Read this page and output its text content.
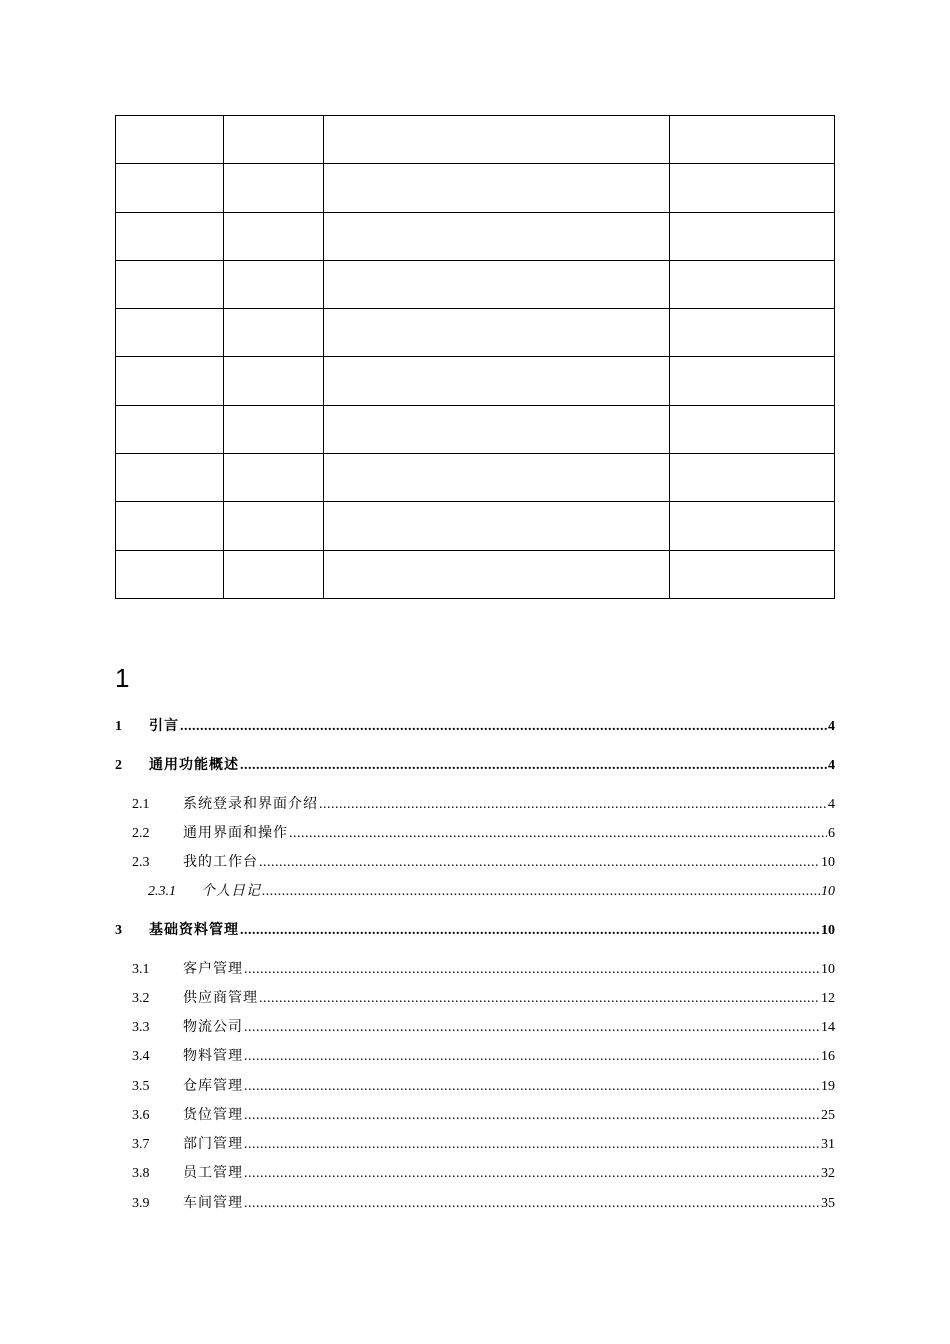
1
1	引言 .....	4
2	通用功能概述 .....	4
2.1	系统登录和界面介绍 .....	4
2.2	通用界面和操作 .....	6
2.3	我的工作台 .....	10
2.3.1	个人日记 .....	10
3	基础资料管理 .....	10
3.1	客户管理 .....	10
3.2	供应商管理 .....	12
3.3	物流公司 .....	14
3.4	物料管理 .....	16
3.5	仓库管理 .....	19
3.6	货位管理 .....	25
3.7	部门管理 .....	31
3.8	员工管理 .....	32
3.9	车间管理 .....	35
